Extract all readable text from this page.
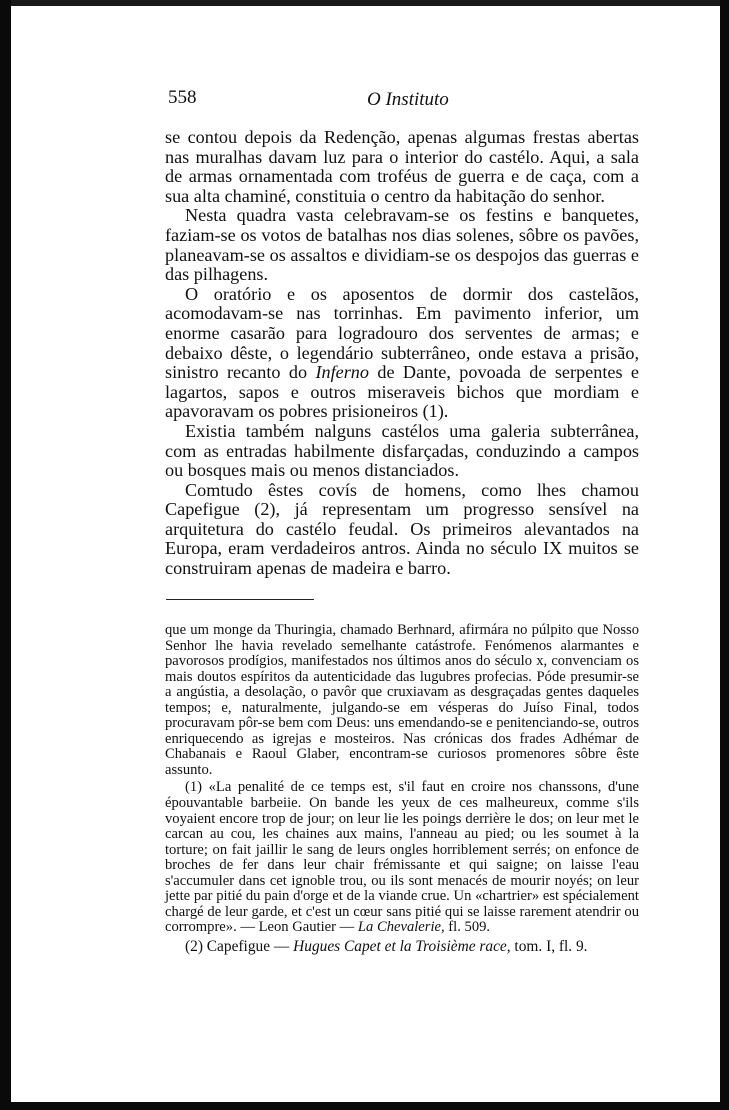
558	O Instituto

se contou depois da Redenção, apenas algumas frestas abertas nas muralhas davam luz para o interior do castélo. Aqui, a sala de armas ornamentada com troféus de guerra e de caça, com a sua alta chaminé, constituia o centro da habitação do senhor.

Nesta quadra vasta celebravam-se os festins e banquetes, faziam-se os votos de batalhas nos dias solenes, sôbre os pavões, planeavam-se os assaltos e dividiam-se os despojos das guerras e das pilhagens.

O oratório e os aposentos de dormir dos castelãos, acomodavam-se nas torrinhas. Em pavimento inferior, um enorme casarão para logradouro dos serventes de armas; e debaixo dêste, o legendário subterrâneo, onde estava a prisão, sinistro recanto do Inferno de Dante, povoada de serpentes e lagartos, sapos e outros miseraveis bichos que mordiam e apavoravam os pobres prisioneiros (1).

Existia também nalguns castélos uma galeria subterrânea, com as entradas habilmente disfarçadas, conduzindo a campos ou bosques mais ou menos distanciados.

Comtudo êstes covís de homens, como lhes chamou Capefigue (2), já representam um progresso sensível na arquitetura do castélo feudal. Os primeiros alevantados na Europa, eram verdadeiros antros. Ainda no século IX muitos se construiram apenas de madeira e barro.

que um monge da Thuringia, chamado Berhnard, afirmára no púlpito que Nosso Senhor lhe havia revelado semelhante catástrofe. Fenómenos alarmantes e pavorosos prodígios, manifestados nos últimos anos do século x, convenciam os mais doutos espíritos da autenticidade das lugubres profecias. Póde presumir-se a angústia, a desolação, o pavôr que cruxiavam as desgraçadas gentes daqueles tempos; e, naturalmente, julgando-se em vésperas do Juíso Final, todos procuravam pôr-se bem com Deus: uns emendando-se e penitenciando-se, outros enriquecendo as igrejas e mosteiros. Nas crónicas dos frades Adhémar de Chabanais e Raoul Glaber, encontram-se curiosos promenores sôbre êste assunto.

(1) «La penalité de ce temps est, s'il faut en croire nos chanssons, d'une épouvantable barbeiie. On bande les yeux de ces malheureux, comme s'ils voyaient encore trop de jour; on leur lie les poings derrière le dos; on leur met le carcan au cou, les chaines aux mains, l'anneau au pied; ou les soumet à la torture; on fait jaillir le sang de leurs ongles horriblement serrés; on enfonce de broches de fer dans leur chair frémissante et qui saigne; on laisse l'eau s'accumuler dans cet ignoble trou, ou ils sont menacés de mourir noyés; on leur jette par pitié du pain d'orge et de la viande crue. Un «chartrier» est spécialement chargé de leur garde, et c'est un cœur sans pitié qui se laisse rarement atendrir ou corrompre». — Leon Gautier — La Chevalerie, fl. 509.

(2) Capefigue — Hugues Capet et la Troisième race, tom. I, fl. 9.
